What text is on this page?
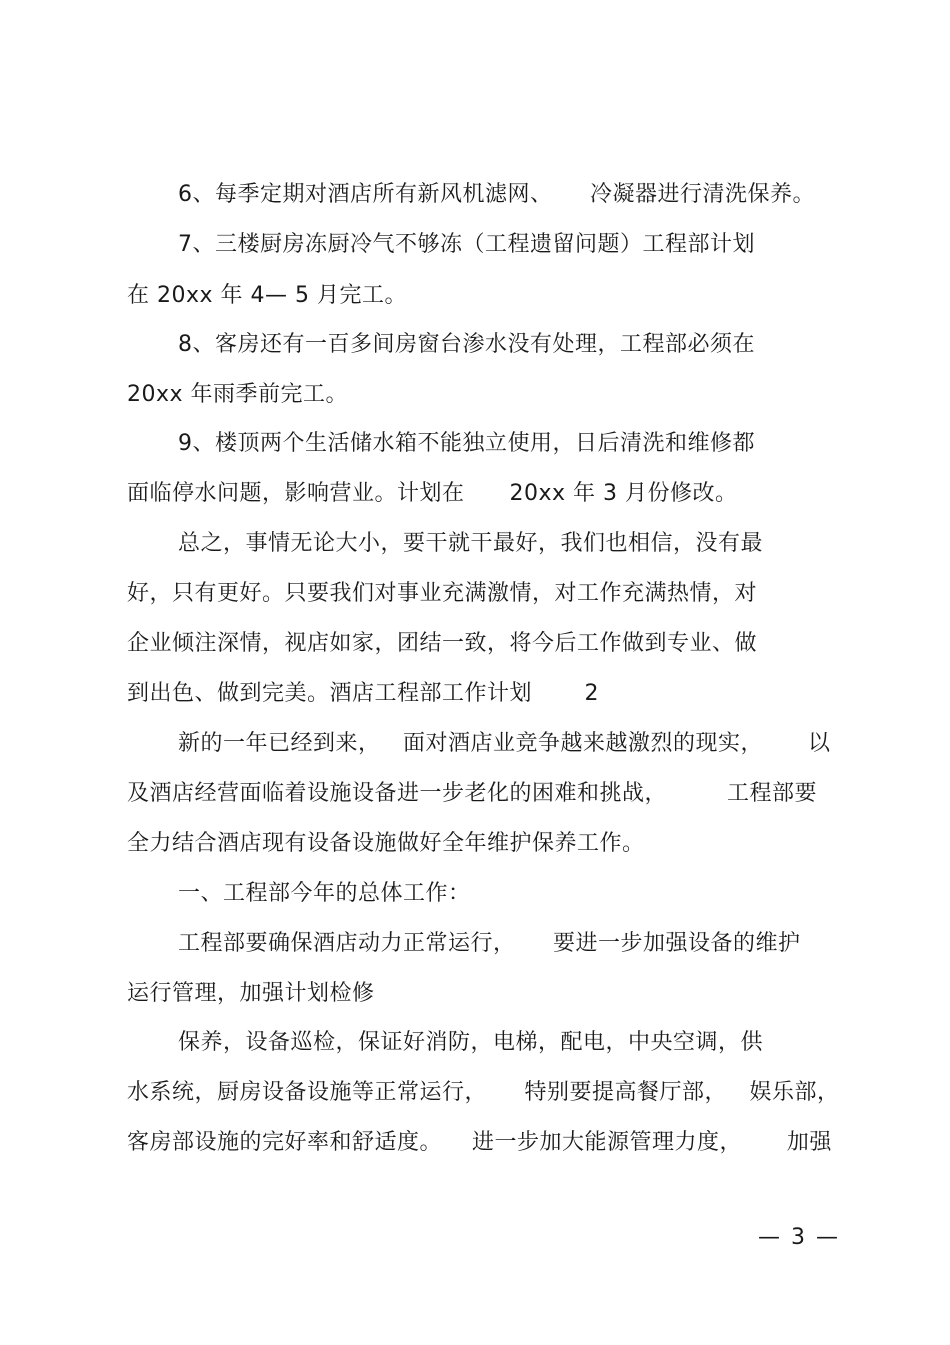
6、每季定期对酒店所有新风机滤网、     冷凝器进行清洗保养。
7、三楼厨房冻厨冷气不够冻（工程遗留问题）工程部计划
在 20xx 年 4— 5 月完工。
8、客房还有一百多间房窗台渗水没有处理，工程部必须在
20xx 年雨季前完工。
9、楼顶两个生活储水箱不能独立使用，日后清洗和维修都
面临停水问题，影响营业。计划在      20xx 年 3 月份修改。
总之，事情无论大小，要干就干最好，我们也相信，没有最
好，只有更好。只要我们对事业充满激情，对工作充满热情，对
企业倾注深情，视店如家，团结一致，将今后工作做到专业、做
到出色、做到完美。酒店工程部工作计划       2
新的一年已经到来，   面对酒店业竞争越来越激烈的现实，      以
及酒店经营面临着设施设备进一步老化的困难和挑战，        工程部要
全力结合酒店现有设备设施做好全年维护保养工作。
一、工程部今年的总体工作：
工程部要确保酒店动力正常运行，     要进一步加强设备的维护
运行管理，加强计划检修
保养，设备巡检，保证好消防，电梯，配电，中央空调，供
水系统，厨房设备设施等正常运行，     特别要提高餐厅部，   娱乐部，
客房部设施的完好率和舒适度。    进一步加大能源管理力度，      加强
— 3 —
